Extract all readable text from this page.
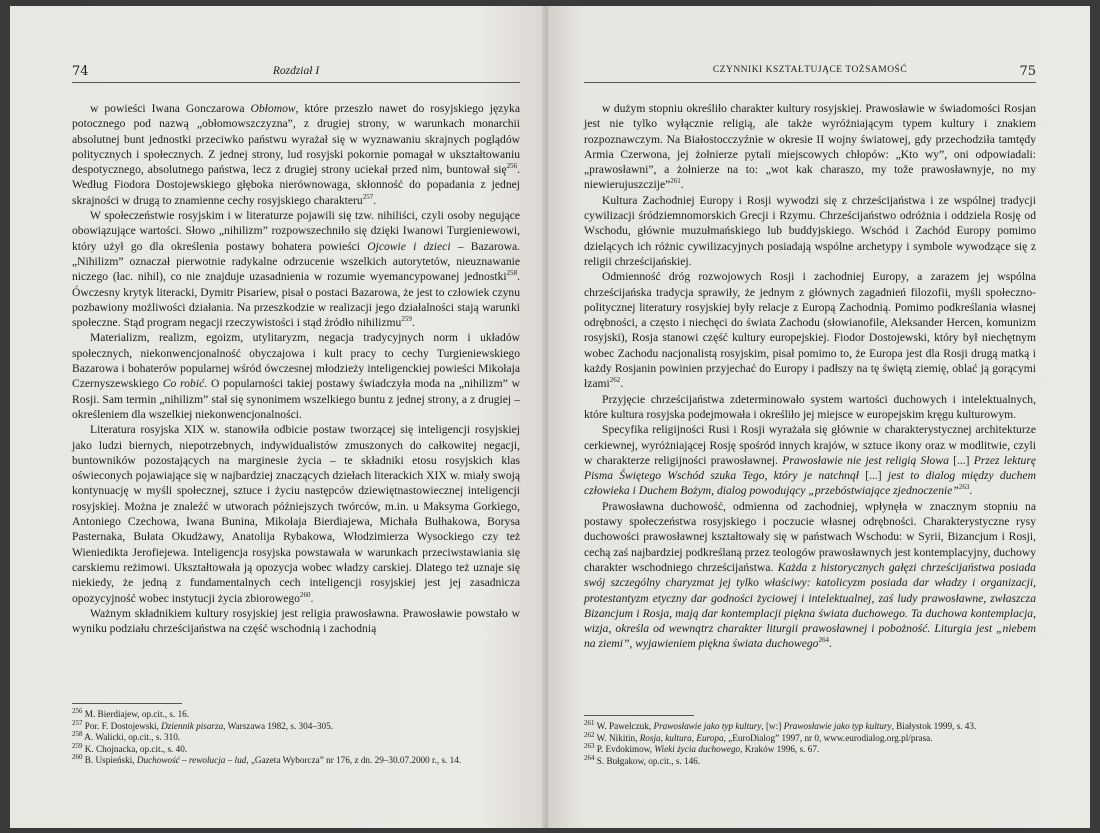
74	Rozdział I

w powieści Iwana Gonczarowa Obłomow, które przeszło nawet do rosyjskiego języka potocznego pod nazwą „obłomowszczyzna”, z drugiej strony, w warunkach monarchii absolutnej bunt jednostki przeciwko państwu wyrażał się w wyznawaniu skrajnych poglądów politycznych i społecznych. Z jednej strony, lud rosyjski pokornie pomagał w ukształtowaniu despotycznego, absolutnego państwa, lecz z drugiej strony uciekał przed nim, buntował się$^{256}$. Według Fiodora Dostojewskiego głęboka nierównowaga, skłonność do popadania z jednej skrajności w drugą to znamienne cechy rosyjskiego charakteru$^{257}$.

W społeczeństwie rosyjskim i w literaturze pojawili się tzw. nihiliści, czyli osoby negujące obowiązujące wartości. Słowo „nihilizm” rozpowszechniło się dzięki Iwanowi Turgieniewowi, który użył go dla określenia postawy bohatera powieści Ojcowie i dzieci – Bazarowa. „Nihilizm” oznaczał pierwotnie radykalne odrzucenie wszelkich autorytetów, nieuznawanie niczego (łac. nihil), co nie znajduje uzasadnienia w rozumie wyemancypowanej jednostki$^{258}$. Ówczesny krytyk literacki, Dymitr Pisariew, pisał o postaci Bazarowa, że jest to człowiek czynu pozbawiony możliwości działania. Na przeszkodzie w realizacji jego działalności stają warunki społeczne. Stąd program negacji rzeczywistości i stąd źródło nihilizmu$^{259}$.

Materializm, realizm, egoizm, utylitaryzm, negacja tradycyjnych norm i układów społecznych, niekonwencjonalność obyczajowa i kult pracy to cechy Turgieniewskiego Bazarowa i bohaterów popularnej wśród ówczesnej młodzieży inteligenckiej powieści Mikołaja Czernyszewskiego Co robić. O popularności takiej postawy świadczyła moda na „nihilizm” w Rosji. Sam termin „nihilizm” stał się synonimem wszelkiego buntu z jednej strony, a z drugiej – określeniem dla wszelkiej niekonwencjonalności.

Literatura rosyjska XIX w. stanowiła odbicie postaw tworzącej się inteligencji rosyjskiej jako ludzi biernych, niepotrzebnych, indywidualistów zmuszonych do całkowitej negacji, buntowników pozostających na marginesie życia – te składniki etosu rosyjskich klas oświeconych pojawiające się w najbardziej znaczących dziełach literackich XIX w. miały swoją kontynuację w myśli społecznej, sztuce i życiu następców dziewiętnastowiecznej inteligencji rosyjskiej. Można je znaleźć w utworach późniejszych twórców, m.in. u Maksyma Gorkiego, Antoniego Czechowa, Iwana Bunina, Mikołaja Bierdiajewa, Michała Bułhakowa, Borysa Pasternaka, Bułata Okudżawy, Anatolija Rybakowa, Włodzimierza Wysockiego czy też Wieniedikta Jerofiejewa. Inteligencja rosyjska powstawała w warunkach przeciwstawiania się carskiemu reżimowi. Ukształtowała ją opozycja wobec władzy carskiej. Dlatego też uznaje się niekiedy, że jedną z fundamentalnych cech inteligencji rosyjskiej jest jej zasadnicza opozycyjność wobec instytucji życia zbiorowego$^{260}$.

Ważnym składnikiem kultury rosyjskiej jest religia prawosławna. Prawosławie powstało w wyniku podziału chrześcijaństwa na część wschodnią i zachodnią

$^{256}$ M. Bierdiajew, op.cit., s. 16.

$^{257}$ Por. F. Dostojewski, Dziennik pisarza, Warszawa 1982, s. 304–305.

$^{258}$ A. Walicki, op.cit., s. 310.

$^{259}$ K. Chojnacka, op.cit., s. 40.

$^{260}$ B. Uspieński, Duchowość – rewolucja – lud, „Gazeta Wyborcza” nr 176, z dn. 29–30.07.2000 r., s. 14.

CZYNNIKI KSZTAŁTUJĄCE TOŻSAMOŚĆ	75

w dużym stopniu określiło charakter kultury rosyjskiej. Prawosławie w świadomości Rosjan jest nie tylko wyłącznie religią, ale także wyróżniającym typem kultury i znakiem rozpoznawczym. Na Białostocczyźnie w okresie II wojny światowej, gdy przechodziła tamtędy Armia Czerwona, jej żołnierze pytali miejscowych chłopów: „Kto wy”, oni odpowiadali: „prawosławni”, a żołnierze na to: „wot kak charaszo, my tože prawosławnyje, no my niewierujuszczije”$^{261}$.

Kultura Zachodniej Europy i Rosji wywodzi się z chrześcijaństwa i ze wspólnej tradycji cywilizacji śródziemnomorskich Grecji i Rzymu. Chrześcijaństwo odróżnia i oddziela Rosję od Wschodu, głównie muzułmańskiego lub buddyjskiego. Wschód i Zachód Europy pomimo dzielących ich różnic cywilizacyjnych posiadają wspólne archetypy i symbole wywodzące się z religii chrześcijańskiej.

Odmienność dróg rozwojowych Rosji i zachodniej Europy, a zarazem jej wspólna chrześcijańska tradycja sprawiły, że jednym z głównych zagadnień filozofii, myśli społeczno-politycznej literatury rosyjskiej były relacje z Europą Zachodnią. Pomimo podkreślania własnej odrębności, a często i niechęci do świata Zachodu (słowianofile, Aleksander Hercen, komunizm rosyjski), Rosja stanowi część kultury europejskiej. Fiodor Dostojewski, który był niechętnym wobec Zachodu nacjonalistą rosyjskim, pisał pomimo to, że Europa jest dla Rosji drugą matką i każdy Rosjanin powinien przyjechać do Europy i padłszy na tę świętą ziemię, oblać ją gorącymi łzami$^{262}$.

Przyjęcie chrześcijaństwa zdeterminowało system wartości duchowych i intelektualnych, które kultura rosyjska podejmowała i określiło jej miejsce w europejskim kręgu kulturowym.

Specyfika religijności Rusi i Rosji wyrażała się głównie w charakterystycznej architekturze cerkiewnej, wyróżniającej Rosję spośród innych krajów, w sztuce ikony oraz w modlitwie, czyli w charakterze religijności prawosławnej. Prawosławie nie jest religią Słowa [...] Przez lekturę Pisma Świętego Wschód szuka Tego, który je natchnął [...] jest to dialog między duchem człowieka i Duchem Bożym, dialog powodujący „przebóstwiające zjednoczenie”$^{263}$.

Prawosławna duchowość, odmienna od zachodniej, wpłynęła w znacznym stopniu na postawy społeczeństwa rosyjskiego i poczucie własnej odrębności. Charakterystyczne rysy duchowości prawosławnej kształtowały się w państwach Wschodu: w Syrii, Bizancjum i Rosji, cechą zaś najbardziej podkreślaną przez teologów prawosławnych jest kontemplacyjny, duchowy charakter wschodniego chrześcijaństwa. Każda z historycznych gałęzi chrześcijaństwa posiada swój szczególny charyzmat jej tylko właściwy: katolicyzm posiada dar władzy i organizacji, protestantyzm etyczny dar godności życiowej i intelektualnej, zaś ludy prawosławne, zwłaszcza Bizancjum i Rosja, mają dar kontemplacji piękna świata duchowego. Ta duchowa kontemplacja, wizja, określa od wewnątrz charakter liturgii prawosławnej i pobożność. Liturgia jest „niebem na ziemi”, wyjawieniem piękna świata duchowego$^{264}$.

$^{261}$ W. Pawelczuk, Prawosławie jako typ kultury, [w:] Prawosławie jako typ kultury, Białystok 1999, s. 43.

$^{262}$ W. Nikitin, Rosja, kultura, Europa, „EuroDialog” 1997, nr 0, www.eurodialog.org.pl/prasa.

$^{263}$ P. Evdokimow, Wieki życia duchowego, Kraków 1996, s. 67.

$^{264}$ S. Bułgakow, op.cit., s. 146.
